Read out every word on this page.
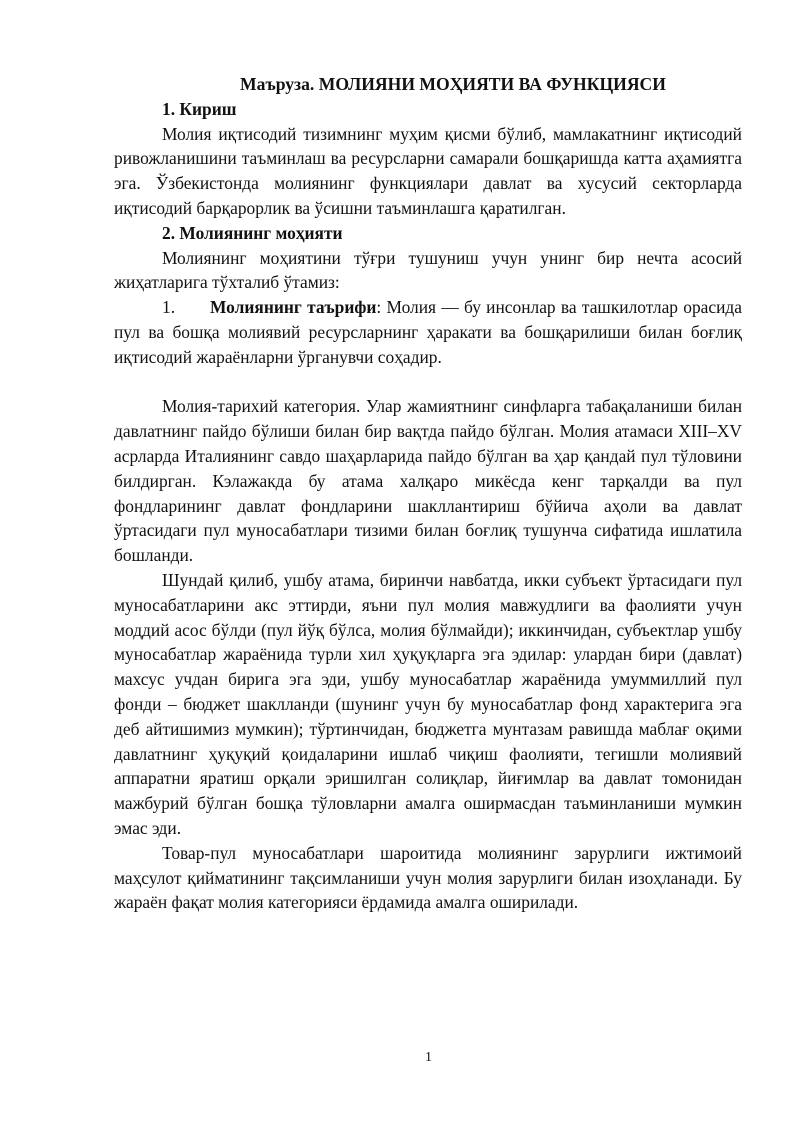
Маъруза. МОЛИЯНИ МОҲИЯТИ ВА ФУНКЦИЯСИ
1. Кириш

Молия иқтисодий тизимнинг муҳим қисми бўлиб, мамлакатнинг иқтисодий ривожланишини таъминлаш ва ресурсларни самарали бошқаришда катта аҳамиятга эга. Ўзбекистонда молиянинг функциялари давлат ва хусусий секторларда иқтисодий барқарорлик ва ўсишни таъминлашга қаратилган.

2. Молиянинг моҳияти

Молиянинг моҳиятини тўғри тушуниш учун унинг бир нечта асосий жиҳатларига тўхталиб ўтамиз:

1. Молиянинг таърифи: Молия — бу инсонлар ва ташкилотлар орасида пул ва бошқа молиявий ресурсларнинг ҳаракати ва бошқарилиши билан боғлиқ иқтисодий жараёнларни ўрганувчи соҳадир.

Молия-тарихий категория. Улар жамиятнинг синфларга табақаланиши билан давлатнинг пайдо бўлиши билан бир вақтда пайдо бўлган. Молия атамаси XIII–XV асрларда Италиянинг савдо шаҳарларида пайдо бўлган ва ҳар қандай пул тўловини билдирган. Кэлажакда бу атама халқаро микёсда кенг тарқалди ва пул фондларининг давлат фондларини шакллантириш бўйича аҳоли ва давлат ўртасидаги пул муносабатлари тизими билан боғлиқ тушунча сифатида ишлатила бошланди.

Шундай қилиб, ушбу атама, биринчи навбатда, икки субъект ўртасидаги пул муносабатларини акс эттирди, яъни пул молия мавжудлиги ва фаолияти учун моддий асос бўлди (пул йўқ бўлса, молия бўлмайди); иккинчидан, субъектлар ушбу муносабатлар жараёнида турли хил ҳуқуқларга эга эдилар: улардан бири (давлат) махсус учдан бирига эга эди, ушбу муносабатлар жараёнида умуммиллий пул фонди – бюджет шаклланди (шунинг учун бу муносабатлар фонд характерига эга деб айтишимиз мумкин); тўртинчидан, бюджетга мунтазам равишда маблағ оқими давлатнинг ҳуқуқий қоидаларини ишлаб чиқиш фаолияти, тегишли молиявий аппаратни яратиш орқали эришилган солиқлар, йиғимлар ва давлат томонидан мажбурий бўлган бошқа тўловларни амалга оширмасдан таъминланиши мумкин эмас эди.

Товар-пул муносабатлари шароитида молиянинг зарурлиги ижтимоий маҳсулот қийматининг тақсимланиши учун молия зарурлиги билан изоҳланади. Бу жараён фақат молия категорияси ёрдамида амалга оширилади.

1
